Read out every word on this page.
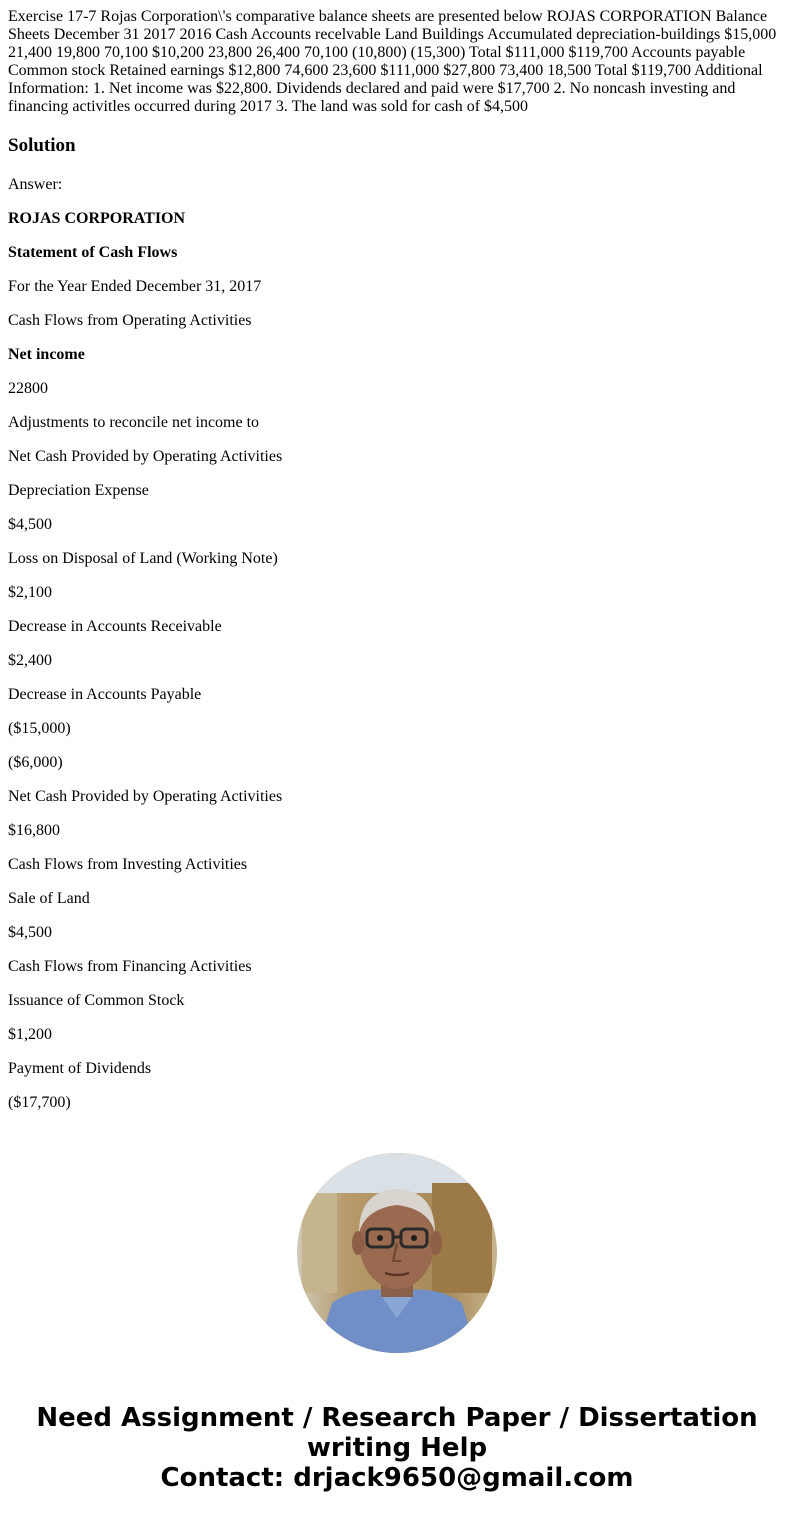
Exercise 17-7 Rojas Corporation\'s comparative balance sheets are presented below ROJAS CORPORATION Balance Sheets December 31 2017 2016 Cash Accounts recelvable Land Buildings Accumulated depreciation-buildings $15,000 21,400 19,800 70,100 $10,200 23,800 26,400 70,100 (10,800) (15,300) Total $111,000 $119,700 Accounts payable Common stock Retained earnings $12,800 74,600 23,600 $111,000 $27,800 73,400 18,500 Total $119,700 Additional Information: 1. Net income was $22,800. Dividends declared and paid were $17,700 2. No noncash investing and financing activitles occurred during 2017 3. The land was sold for cash of $4,500
Solution
Answer:
ROJAS CORPORATION
Statement of Cash Flows
For the Year Ended December 31, 2017
Cash Flows from Operating Activities
Net income
22800
Adjustments to reconcile net income to
Net Cash Provided by Operating Activities
Depreciation Expense
$4,500
Loss on Disposal of Land (Working Note)
$2,100
Decrease in Accounts Receivable
$2,400
Decrease in Accounts Payable
($15,000)
($6,000)
Net Cash Provided by Operating Activities
$16,800
Cash Flows from Investing Activities
Sale of Land
$4,500
Cash Flows from Financing Activities
Issuance of Common Stock
$1,200
Payment of Dividends
($17,700)
Need Assignment / Research Paper / Dissertation
writing Help
Contact: drjack9650@gmail.com
